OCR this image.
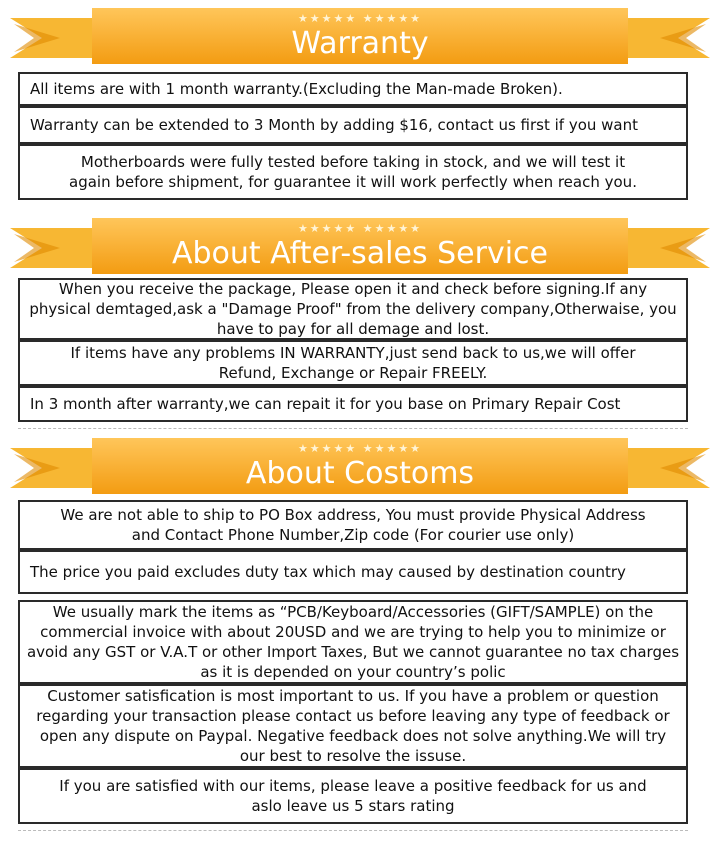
★★★★★ ★★★★★
Warranty
All items are with 1 month warranty.(Excluding the Man-made Broken).
Warranty can be extended to 3 Month by adding $16, contact us first if you want
Motherboards were fully tested before taking in stock, and we will test it again before shipment, for guarantee it will work perfectly when reach you.
★★★★★ ★★★★★
About After-sales Service
When you receive the package, Please open it and check before signing.If any physical demtaged,ask a "Damage Proof" from the delivery company,Otherwaise, you have to pay for all demage and lost.
If items have any problems IN WARRANTY,just send back to us,we will offer Refund, Exchange or Repair FREELY.
In 3 month after warranty,we can repait it for you base on Primary Repair Cost
★★★★★ ★★★★★
About Costoms
We are not able to ship to PO Box address, You must provide Physical Address and Contact Phone Number,Zip code (For courier use only)
The price you paid excludes duty tax which may caused by destination country
We usually mark the items as “PCB/Keyboard/Accessories (GIFT/SAMPLE) on the commercial invoice with about 20USD and we are trying to help you to minimize or avoid any GST or V.A.T or other Import Taxes, But we cannot guarantee no tax charges as it is depended on your country’s polic
Customer satisfication is most important to us. If you have a problem or question regarding your transaction please contact us before leaving any type of feedback or open any dispute on Paypal. Negative feedback does not solve anything.We will try our best to resolve the issuse.
If you are satisfied with our items, please leave a positive feedback for us and aslo leave us 5 stars rating
